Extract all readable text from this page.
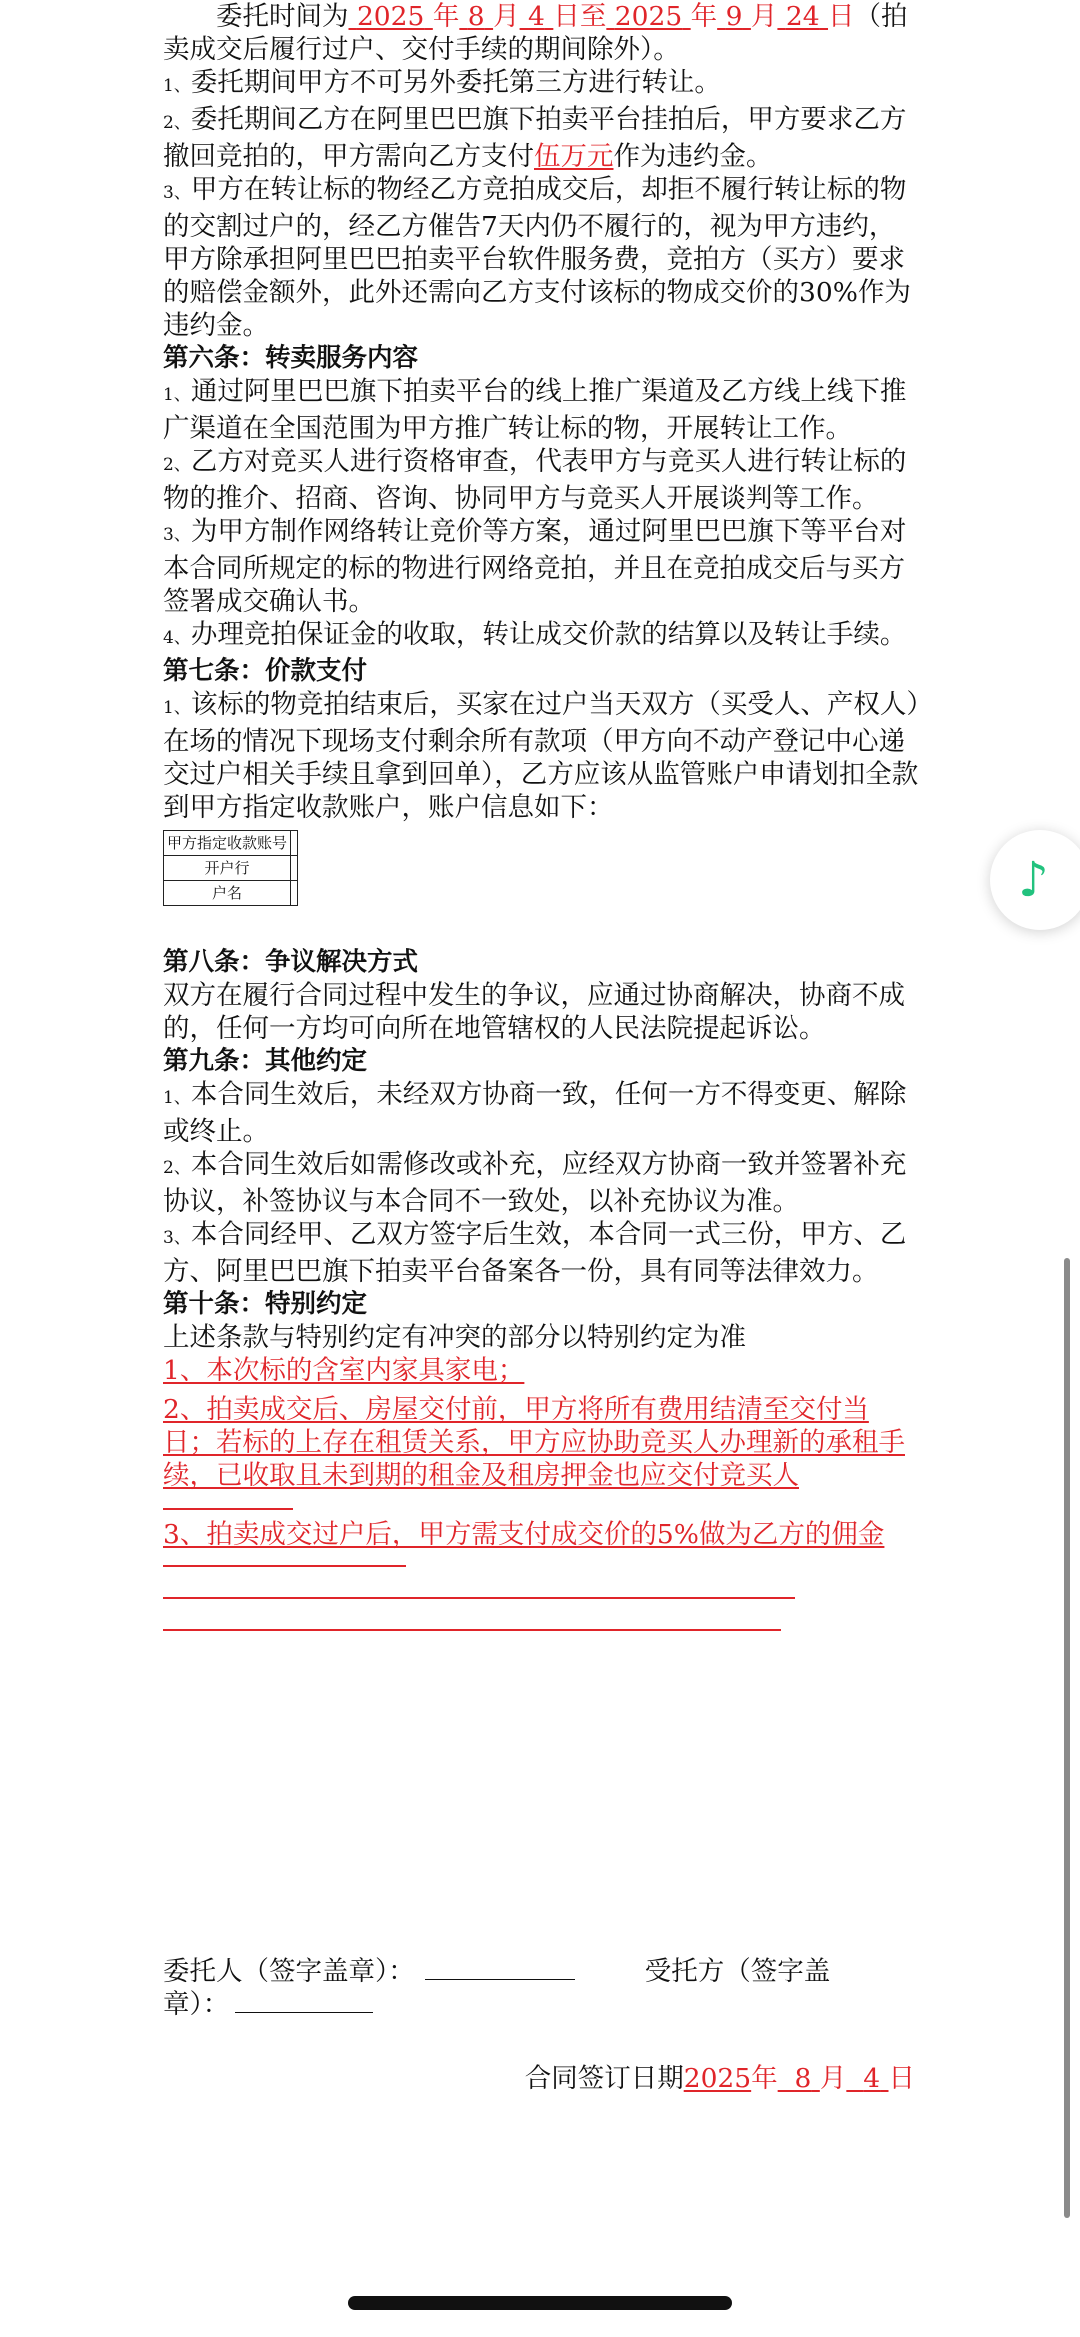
委托时间为 2025 年 8 月 4 日至 2025 年 9 月 24 日（拍

卖成交后履行过户、交付手续的期间除外）。

1、委托期间甲方不可另外委托第三方进行转让。

2、委托期间乙方在阿里巴巴旗下拍卖平台挂拍后，甲方要求乙方撤回竞拍的，甲方需向乙方支付伍万元作为违约金。

3、甲方在转让标的物经乙方竞拍成交后，却拒不履行转让标的物的交割过户的，经乙方催告7天内仍不履行的，视为甲方违约，甲方除承担阿里巴巴拍卖平台软件服务费，竞拍方（买方）要求的赔偿金额外，此外还需向乙方支付该标的物成交价的30%作为违约金。

第六条：转卖服务内容

1、通过阿里巴巴旗下拍卖平台的线上推广渠道及乙方线上线下推广渠道在全国范围为甲方推广转让标的物，开展转让工作。

2、乙方对竞买人进行资格审查，代表甲方与竞买人进行转让标的物的推介、招商、咨询、协同甲方与竞买人开展谈判等工作。

3、为甲方制作网络转让竞价等方案，通过阿里巴巴旗下等平台对本合同所规定的标的物进行网络竞拍，并且在竞拍成交后与买方签署成交确认书。

4、办理竞拍保证金的收取，转让成交价款的结算以及转让手续。

第七条：价款支付

1、该标的物竞拍结束后，买家在过户当天双方（买受人、产权人）在场的情况下现场支付剩余所有款项（甲方向不动产登记中心递交过户相关手续且拿到回单），乙方应该从监管账户申请划扣全款到甲方指定收款账户，账户信息如下：

甲方指定收款账号	
开户行	
户名	

第八条：争议解决方式

双方在履行合同过程中发生的争议，应通过协商解决，协商不成的，任何一方均可向所在地管辖权的人民法院提起诉讼。

第九条：其他约定

1、本合同生效后，未经双方协商一致，任何一方不得变更、解除或终止。

2、本合同生效后如需修改或补充，应经双方协商一致并签署补充协议，补签协议与本合同不一致处，以补充协议为准。

3、本合同经甲、乙双方签字后生效，本合同一式三份，甲方、乙方、阿里巴巴旗下拍卖平台备案各一份，具有同等法律效力。

第十条：特别约定

上述条款与特别约定有冲突的部分以特别约定为准

1、本次标的含室内家具家电；

2、拍卖成交后、房屋交付前，甲方将所有费用结清至交付当日；若标的上存在租赁关系，甲方应协助竞买人办理新的承租手续，已收取且未到期的租金及租房押金也应交付竞买人

3、拍卖成交过户后，甲方需支付成交价的5%做为乙方的佣金

委托人（签字盖章）：	受托方（签字盖

章）：

合同签订日期2025年 8 月 4 日
♪
